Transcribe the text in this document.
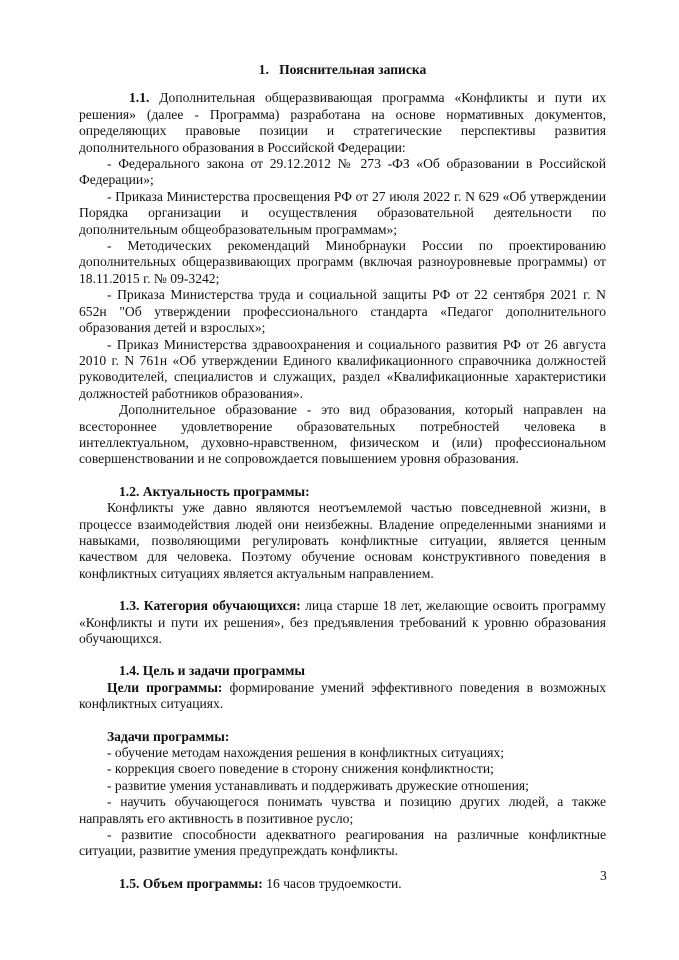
1. Пояснительная записка

1.1. Дополнительная общеразвивающая программа «Конфликты и пути их решения» (далее - Программа) разработана на основе нормативных документов, определяющих правовые позиции и стратегические перспективы развития дополнительного образования в Российской Федерации:

- Федерального закона от 29.12.2012 № 273 -ФЗ «Об образовании в Российской Федерации»;

- Приказа Министерства просвещения РФ от 27 июля 2022 г. N 629 «Об утверждении Порядка организации и осуществления образовательной деятельности по дополнительным общеобразовательным программам»;

- Методических рекомендаций Минобрнауки России по проектированию дополнительных общеразвивающих программ (включая разноуровневые программы) от 18.11.2015 г. № 09-3242;

- Приказа Министерства труда и социальной защиты РФ от 22 сентября 2021 г. N 652н "Об утверждении профессионального стандарта «Педагог дополнительного образования детей и взрослых»;

- Приказ Министерства здравоохранения и социального развития РФ от 26 августа 2010 г. N 761н «Об утверждении Единого квалификационного справочника должностей руководителей, специалистов и служащих, раздел «Квалификационные характеристики должностей работников образования».

Дополнительное образование - это вид образования, который направлен на всестороннее удовлетворение образовательных потребностей человека в интеллектуальном, духовно-нравственном, физическом и (или) профессиональном совершенствовании и не сопровождается повышением уровня образования.

1.2. Актуальность программы:

Конфликты уже давно являются неотъемлемой частью повседневной жизни, в процессе взаимодействия людей они неизбежны. Владение определенными знаниями и навыками, позволяющими регулировать конфликтные ситуации, является ценным качеством для человека. Поэтому обучение основам конструктивного поведения в конфликтных ситуациях является актуальным направлением.

1.3. Категория обучающихся: лица старше 18 лет, желающие освоить программу «Конфликты и пути их решения», без предъявления требований к уровню образования обучающихся.

1.4. Цель и задачи программы

Цели программы: формирование умений эффективного поведения в возможных конфликтных ситуациях.

Задачи программы:

- обучение методам нахождения решения в конфликтных ситуациях;

- коррекция своего поведение в сторону снижения конфликтности;

- развитие умения устанавливать и поддерживать дружеские отношения;

- научить обучающегося понимать чувства и позицию других людей, а также направлять его активность в позитивное русло;

- развитие способности адекватного реагирования на различные конфликтные ситуации, развитие умения предупреждать конфликты.

1.5. Объем программы: 16 часов трудоемкости.

3
